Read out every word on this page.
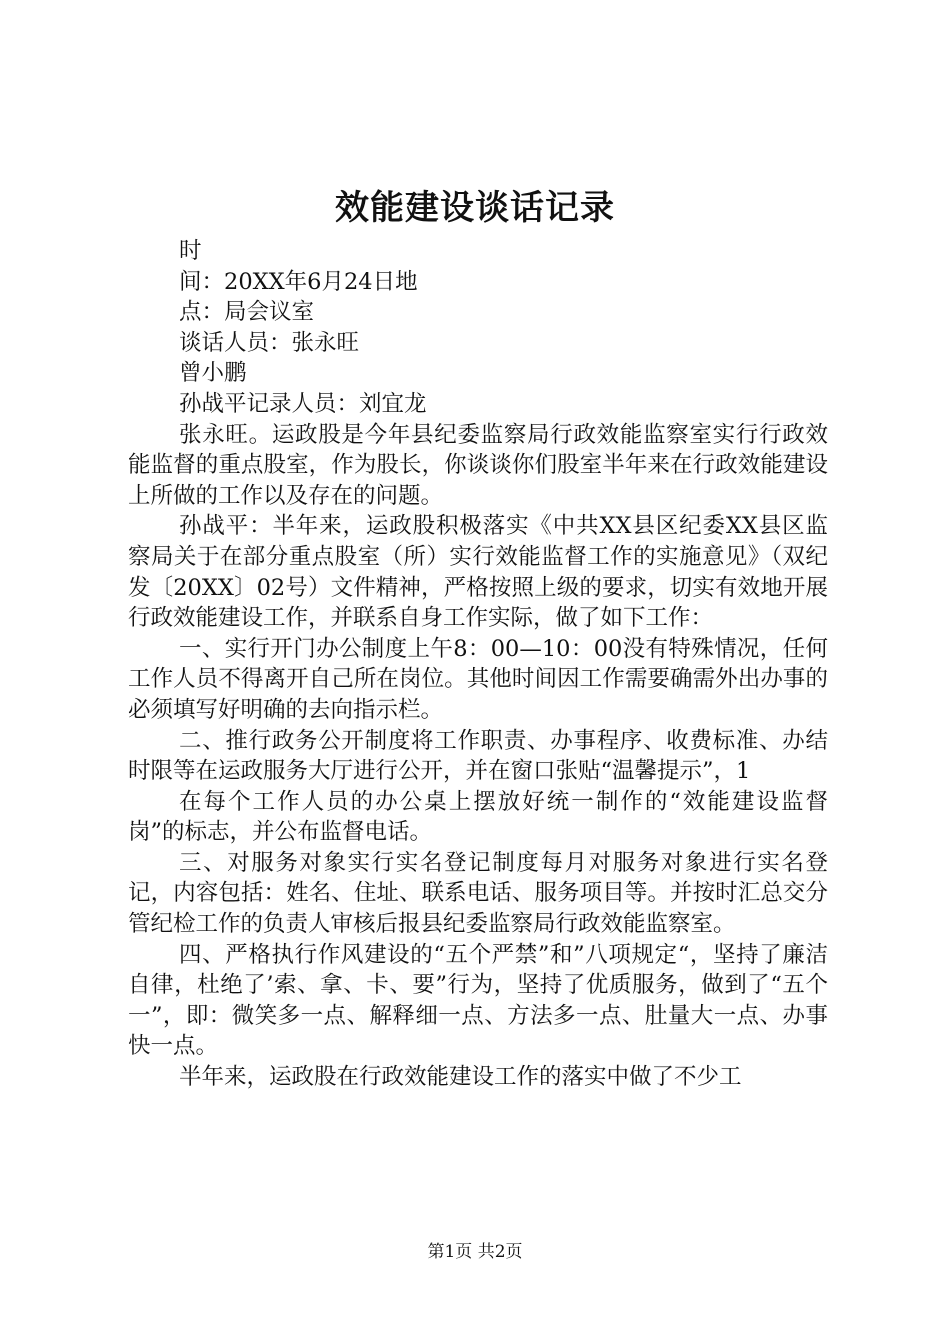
效能建设谈话记录
时
间：20XX年6月24日地
点：局会议室
谈话人员：张永旺
曾小鹏
孙战平记录人员：刘宜龙

张永旺。运政股是今年县纪委监察局行政效能监察室实行行政效能监督的重点股室，作为股长，你谈谈你们股室半年来在行政效能建设上所做的工作以及存在的问题。

孙战平：半年来，运政股积极落实《中共XX县区纪委XX县区监察局关于在部分重点股室（所）实行效能监督工作的实施意见》（双纪发〔20XX〕02号）文件精神，严格按照上级的要求，切实有效地开展行政效能建设工作，并联系自身工作实际，做了如下工作：

一、实行开门办公制度上午8：00—10：00没有特殊情况，任何工作人员不得离开自己所在岗位。其他时间因工作需要确需外出办事的必须填写好明确的去向指示栏。

二、推行政务公开制度将工作职责、办事程序、收费标准、办结时限等在运政服务大厅进行公开，并在窗口张贴“温馨提示”，1

在每个工作人员的办公桌上摆放好统一制作的“效能建设监督岗”的标志，并公布监督电话。

三、对服务对象实行实名登记制度每月对服务对象进行实名登记，内容包括：姓名、住址、联系电话、服务项目等。并按时汇总交分管纪检工作的负责人审核后报县纪委监察局行政效能监察室。

四、严格执行作风建设的“五个严禁”和”八项规定“，坚持了廉洁自律，杜绝了’索、拿、卡、要”行为，坚持了优质服务，做到了“五个一”，即：微笑多一点、解释细一点、方法多一点、肚量大一点、办事快一点。

半年来，运政股在行政效能建设工作的落实中做了不少工

第1页 共2页
